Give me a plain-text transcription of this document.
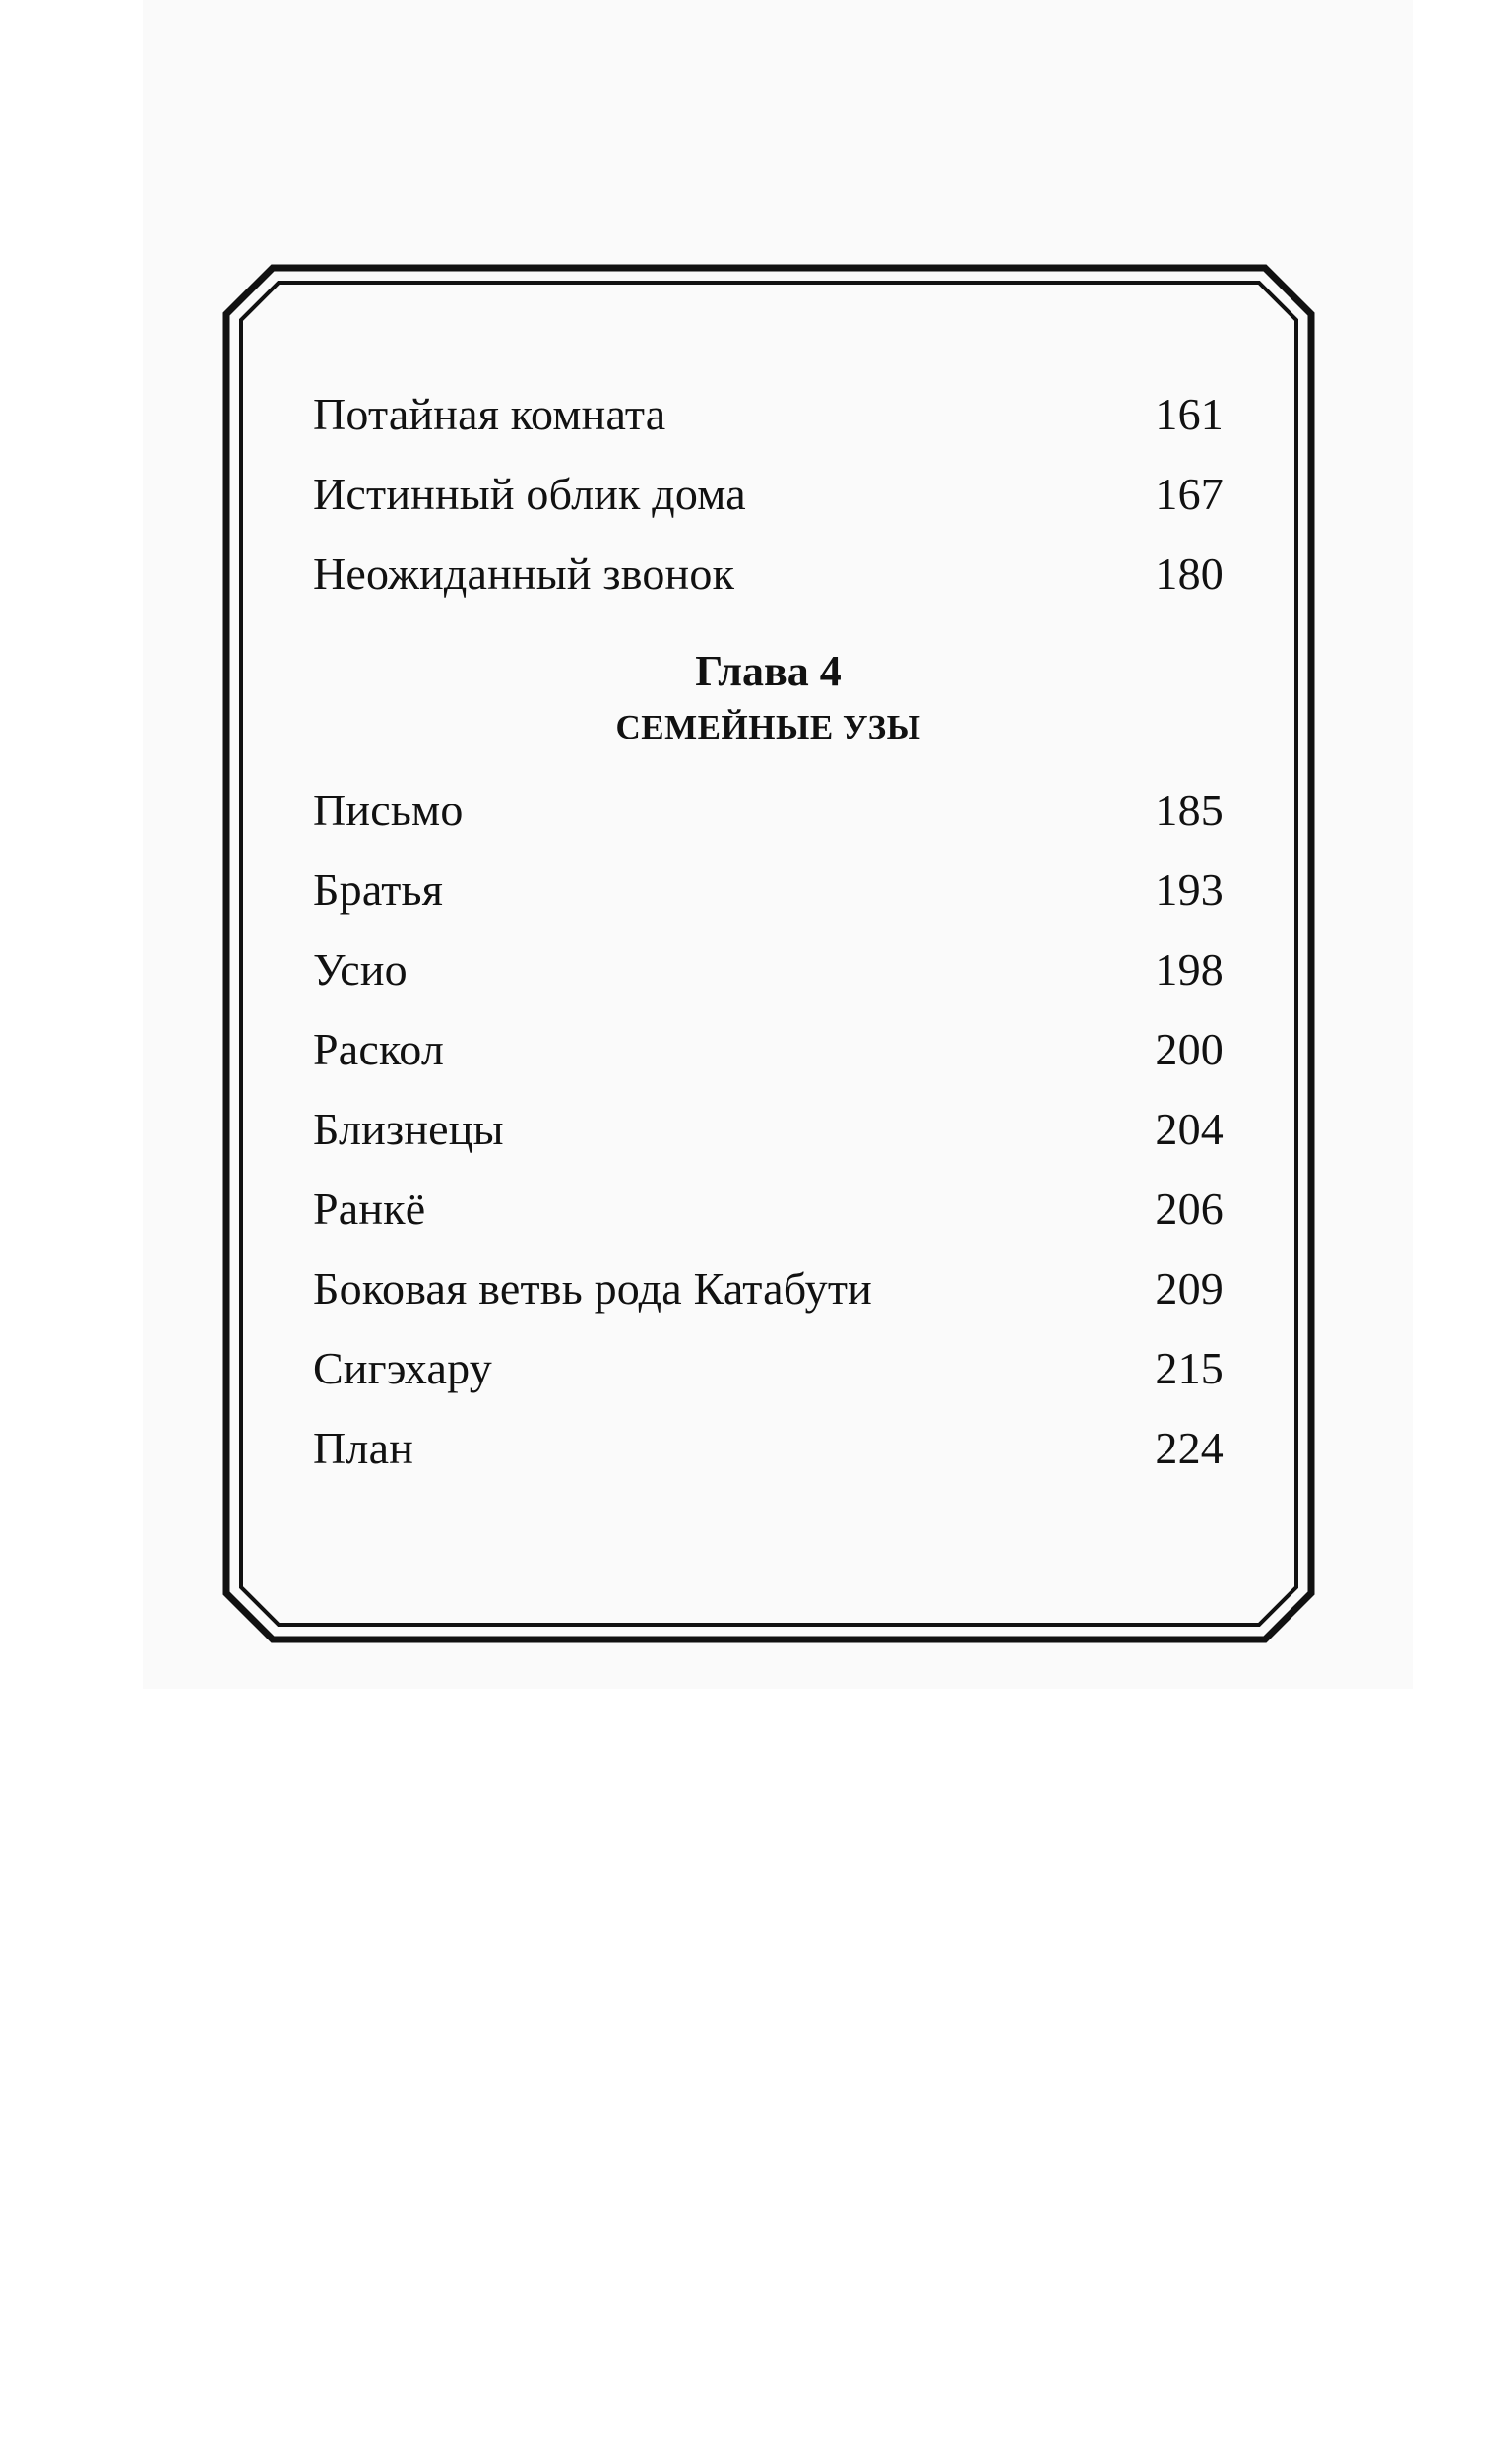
Потайная комната	161
Истинный облик дома	167
Неожиданный звонок	180
Глава 4
СЕМЕЙНЫЕ УЗЫ
Письмо	185
Братья	193
Усио	198
Раскол	200
Близнецы	204
Ранкё	206
Боковая ветвь рода Катабути	209
Сигэхару	215
План	224
